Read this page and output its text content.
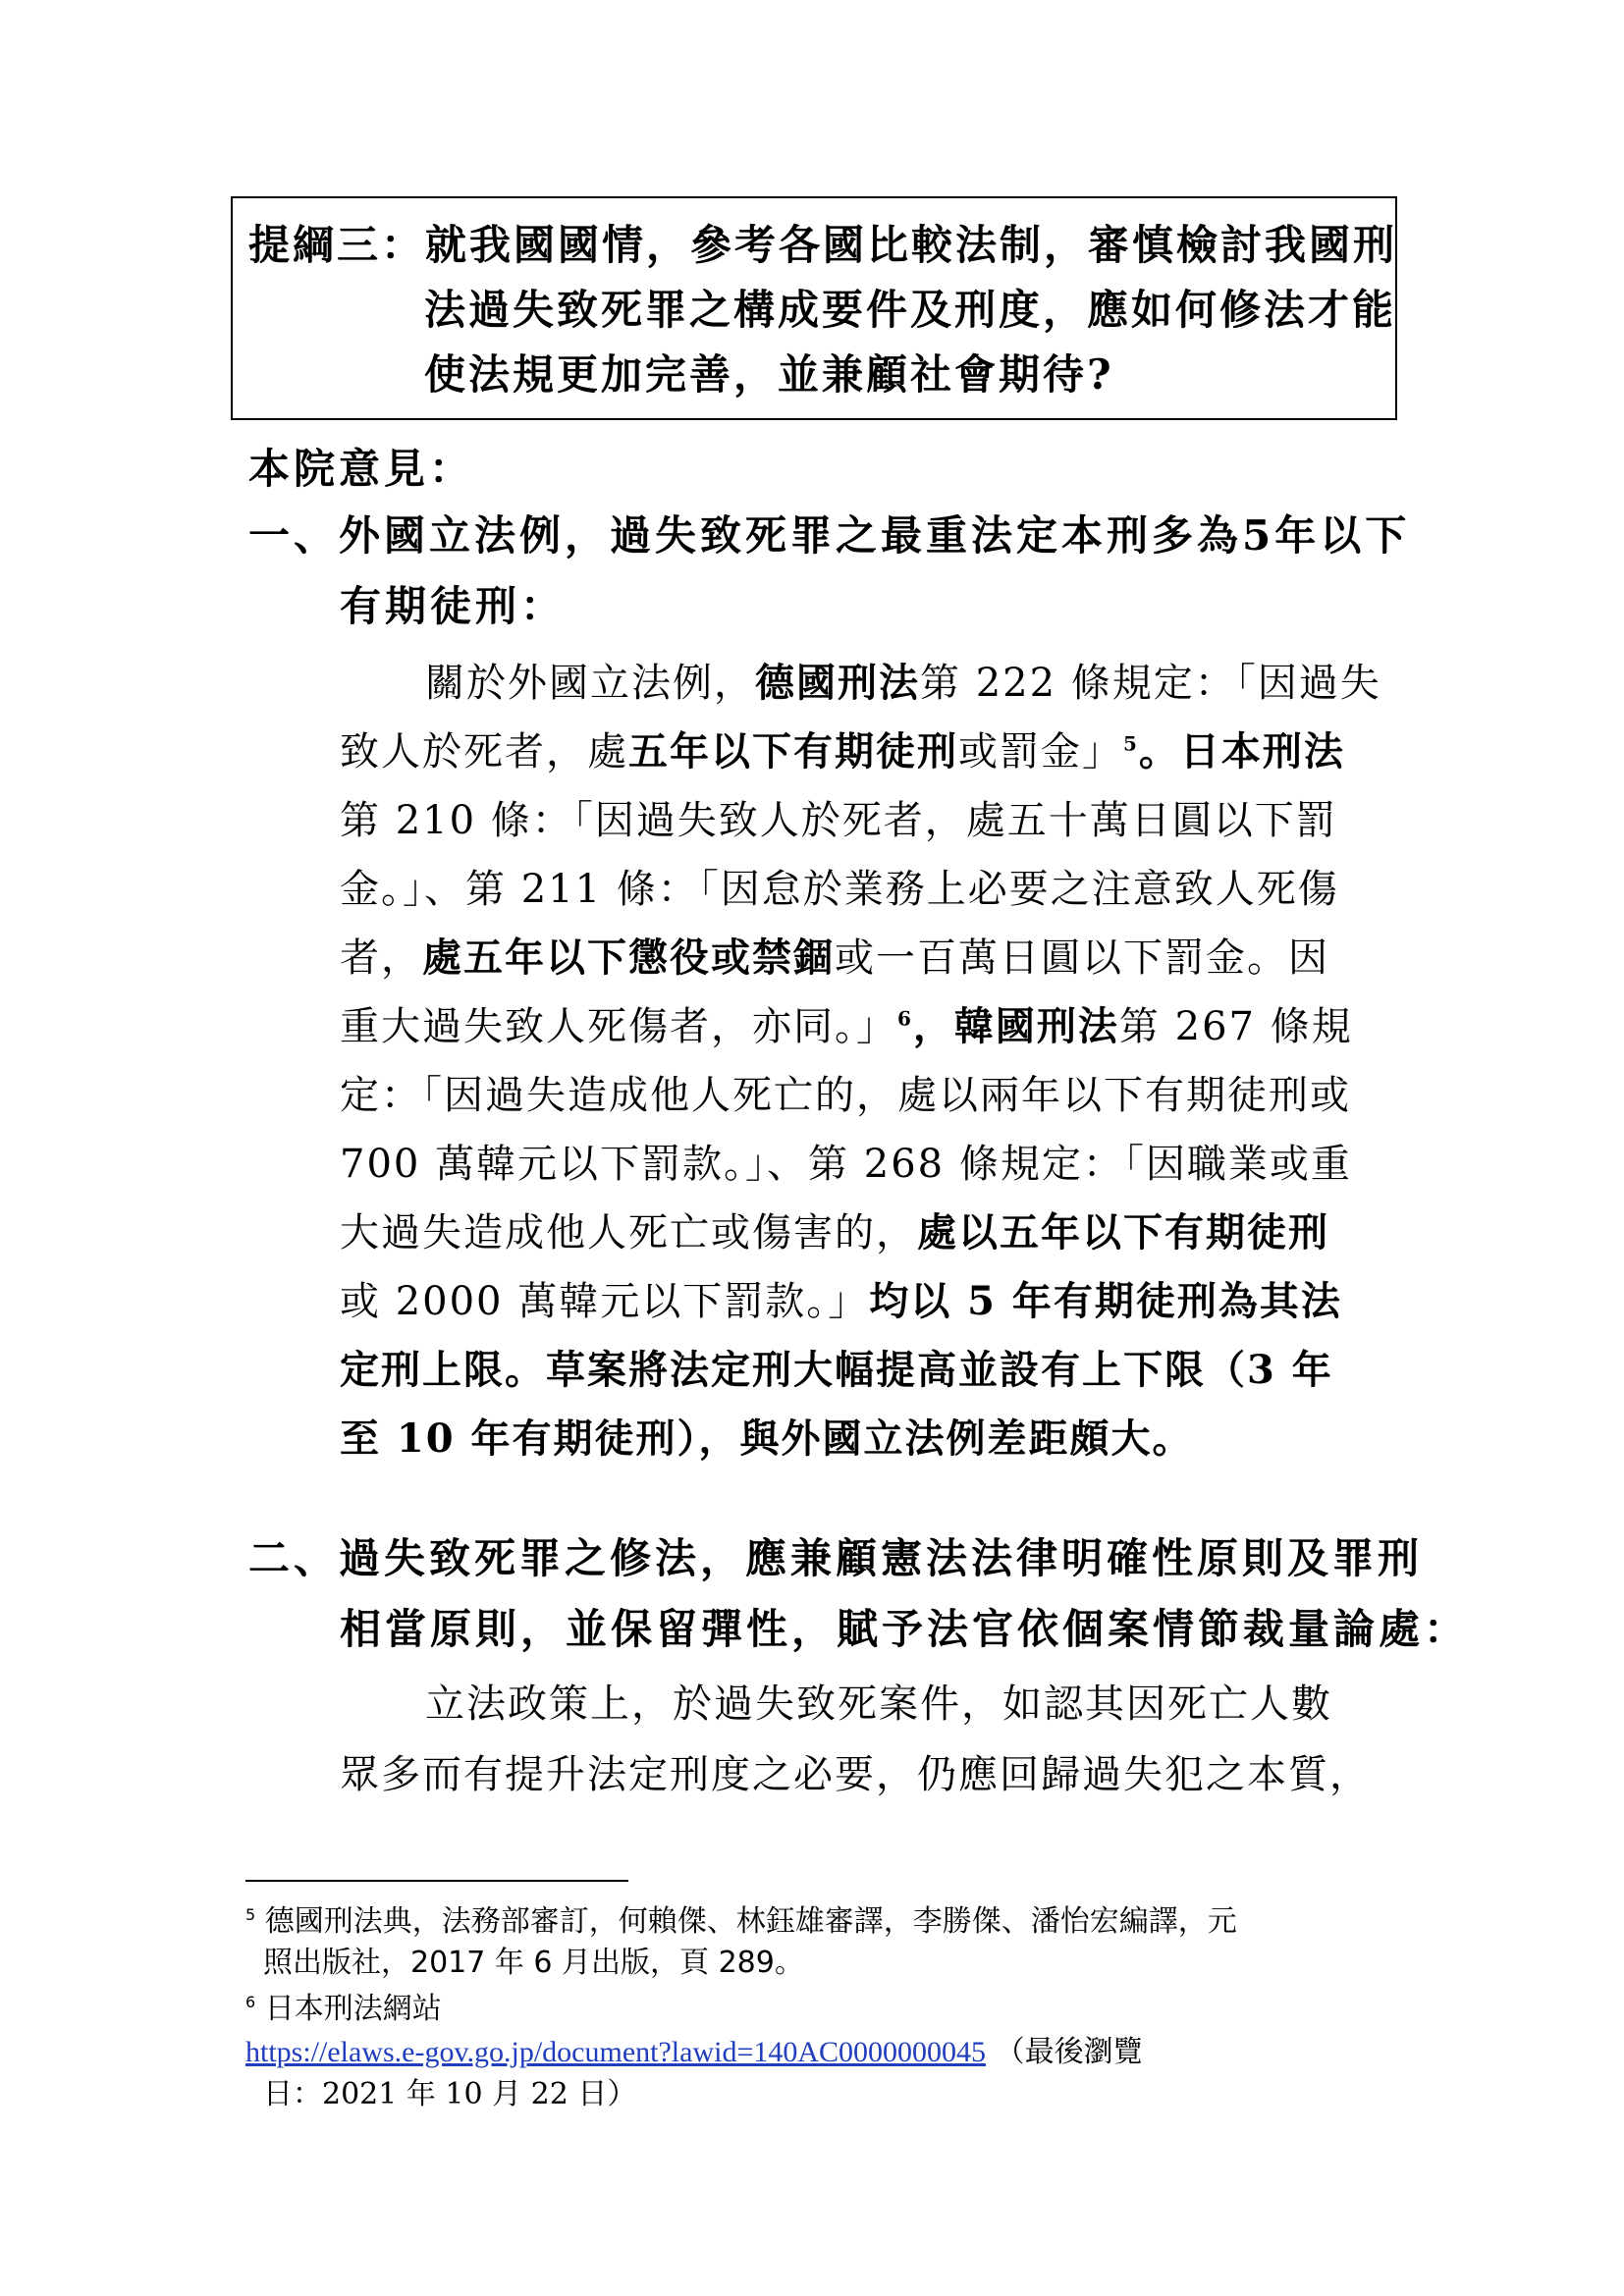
提綱三：就我國國情，參考各國比較法制，審慎檢討我國刑
法過失致死罪之構成要件及刑度，應如何修法才能
使法規更加完善，並兼顧社會期待?
本院意見：
一、外國立法例，過失致死罪之最重法定本刑多為5年以下
有期徒刑：
關於外國立法例，德國刑法第 222 條規定：「因過失
致人於死者，處五年以下有期徒刑或罰金」$^5$。日本刑法
第 210 條：「因過失致人於死者，處五十萬日圓以下罰
金。」、第 211 條：「因怠於業務上必要之注意致人死傷
者，處五年以下懲役或禁錮或一百萬日圓以下罰金。因
重大過失致人死傷者，亦同。」$^6$，韓國刑法第 267 條規
定：「因過失造成他人死亡的，處以兩年以下有期徒刑或
700 萬韓元以下罰款。」、第 268 條規定：「因職業或重
大過失造成他人死亡或傷害的，處以五年以下有期徒刑
或 2000 萬韓元以下罰款。」均以 5 年有期徒刑為其法
定刑上限。草案將法定刑大幅提高並設有上下限（3 年
至 10 年有期徒刑），與外國立法例差距頗大。
二、過失致死罪之修法，應兼顧憲法法律明確性原則及罪刑
相當原則，並保留彈性，賦予法官依個案情節裁量論處：
立法政策上，於過失致死案件，如認其因死亡人數
眾多而有提升法定刑度之必要，仍應回歸過失犯之本質，
$^5$ 德國刑法典，法務部審訂，何賴傑、林鈺雄審譯，李勝傑、潘怡宏編譯，元
照出版社，2017 年 6 月出版，頁 289。
$^6$ 日本刑法網站
https://elaws.e-gov.go.jp/document?lawid=140AC0000000045 （最後瀏覽
日：2021 年 10 月 22 日）
